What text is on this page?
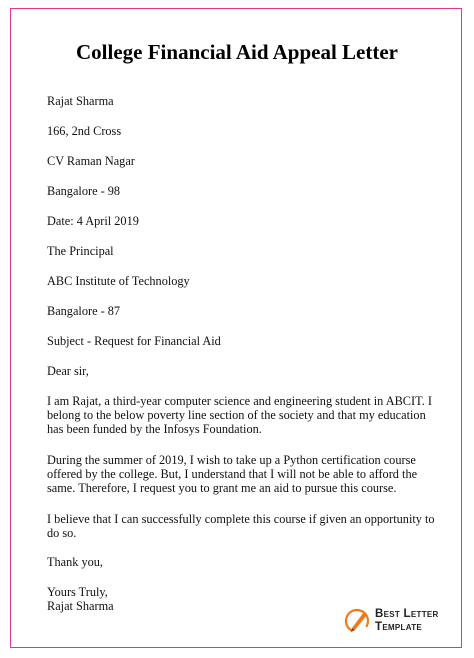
College Financial Aid Appeal Letter

Rajat Sharma

166, 2nd Cross

CV Raman Nagar

Bangalore - 98

Date: 4 April 2019

The Principal

ABC Institute of Technology

Bangalore - 87

Subject - Request for Financial Aid

Dear sir,

I am Rajat, a third-year computer science and engineering student in ABCIT. I belong to the below poverty line section of the society and that my education has been funded by the Infosys Foundation.

During the summer of 2019, I wish to take up a Python certification course offered by the college. But, I understand that I will not be able to afford the same. Therefore, I request you to grant me an aid to pursue this course.

I believe that I can successfully complete this course if given an opportunity to do so.

Thank you,

Yours Truly,

Rajat Sharma

Best Letter
Template
